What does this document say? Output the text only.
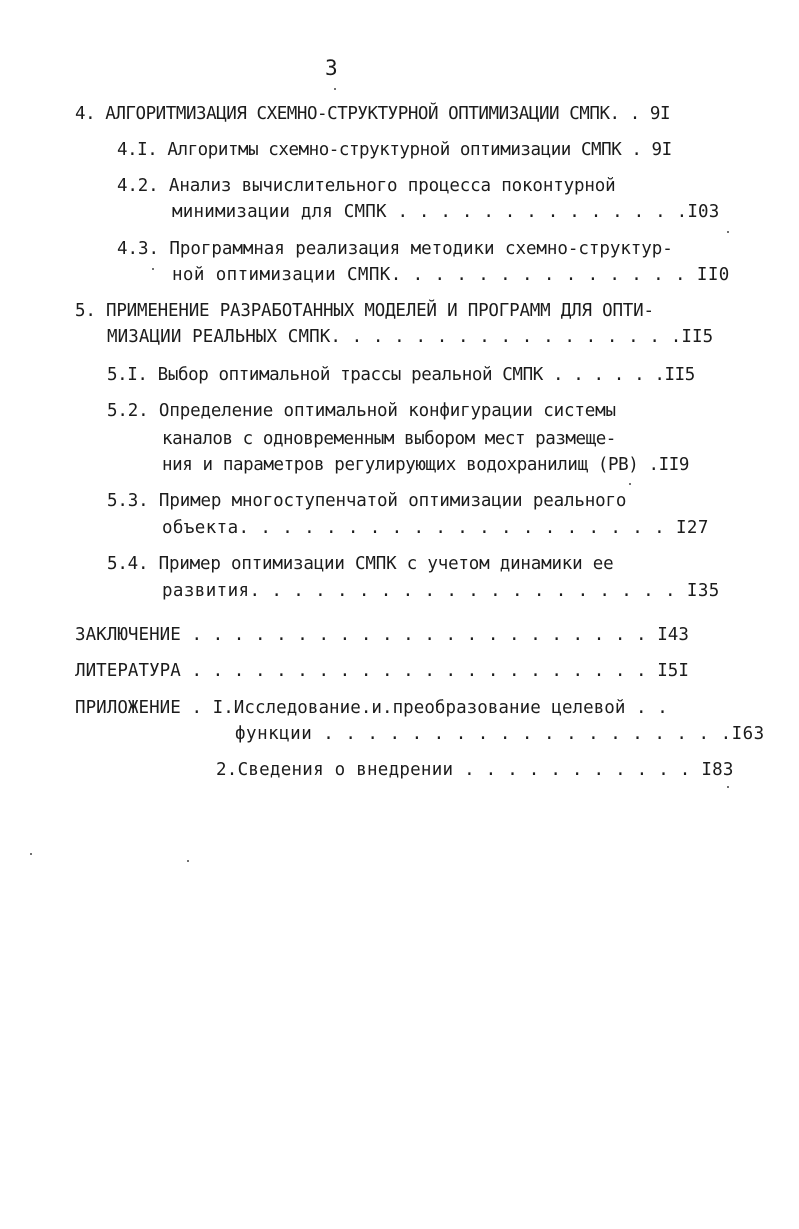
3
4. АЛГОРИТМИЗАЦИЯ СХЕМНО-СТРУКТУРНОЙ ОПТИМИЗАЦИИ СМПК. . 9I
4.I. Алгоритмы схемно-структурной оптимизации СМПК . 9I
4.2. Анализ вычислительного процесса поконтурной
минимизации для СМПК . . . . . . . . . . . . . .I03
4.3. Программная реализация методики схемно-структур-
ной оптимизации СМПК. . . . . . . . . . . . . . II0
5. ПРИМЕНЕНИЕ РАЗРАБОТАННЫХ МОДЕЛЕЙ И ПРОГРАММ ДЛЯ ОПТИ-
МИЗАЦИИ РЕАЛЬНЫХ СМПК. . . . . . . . . . . . . . . . .II5
5.I. Выбор оптимальной трассы реальной СМПК . . . . . .II5
5.2. Определение оптимальной конфигурации системы
каналов с одновременным выбором мест размеще-
ния и параметров регулирующих водохранилищ (РВ) .II9
5.3. Пример многоступенчатой оптимизации реального
объекта. . . . . . . . . . . . . . . . . . . . I27
5.4. Пример оптимизации СМПК с учетом динамики ее
развития. . . . . . . . . . . . . . . . . . . . I35
ЗАКЛЮЧЕНИЕ . . . . . . . . . . . . . . . . . . . . . . I43
ЛИТЕРАТУРА . . . . . . . . . . . . . . . . . . . . . . I5I
ПРИЛОЖЕНИЕ . I.Исследование.и.преобразование целевой . .
функции . . . . . . . . . . . . . . . . . . .I63
2.Сведения о внедрении . . . . . . . . . . . I83
